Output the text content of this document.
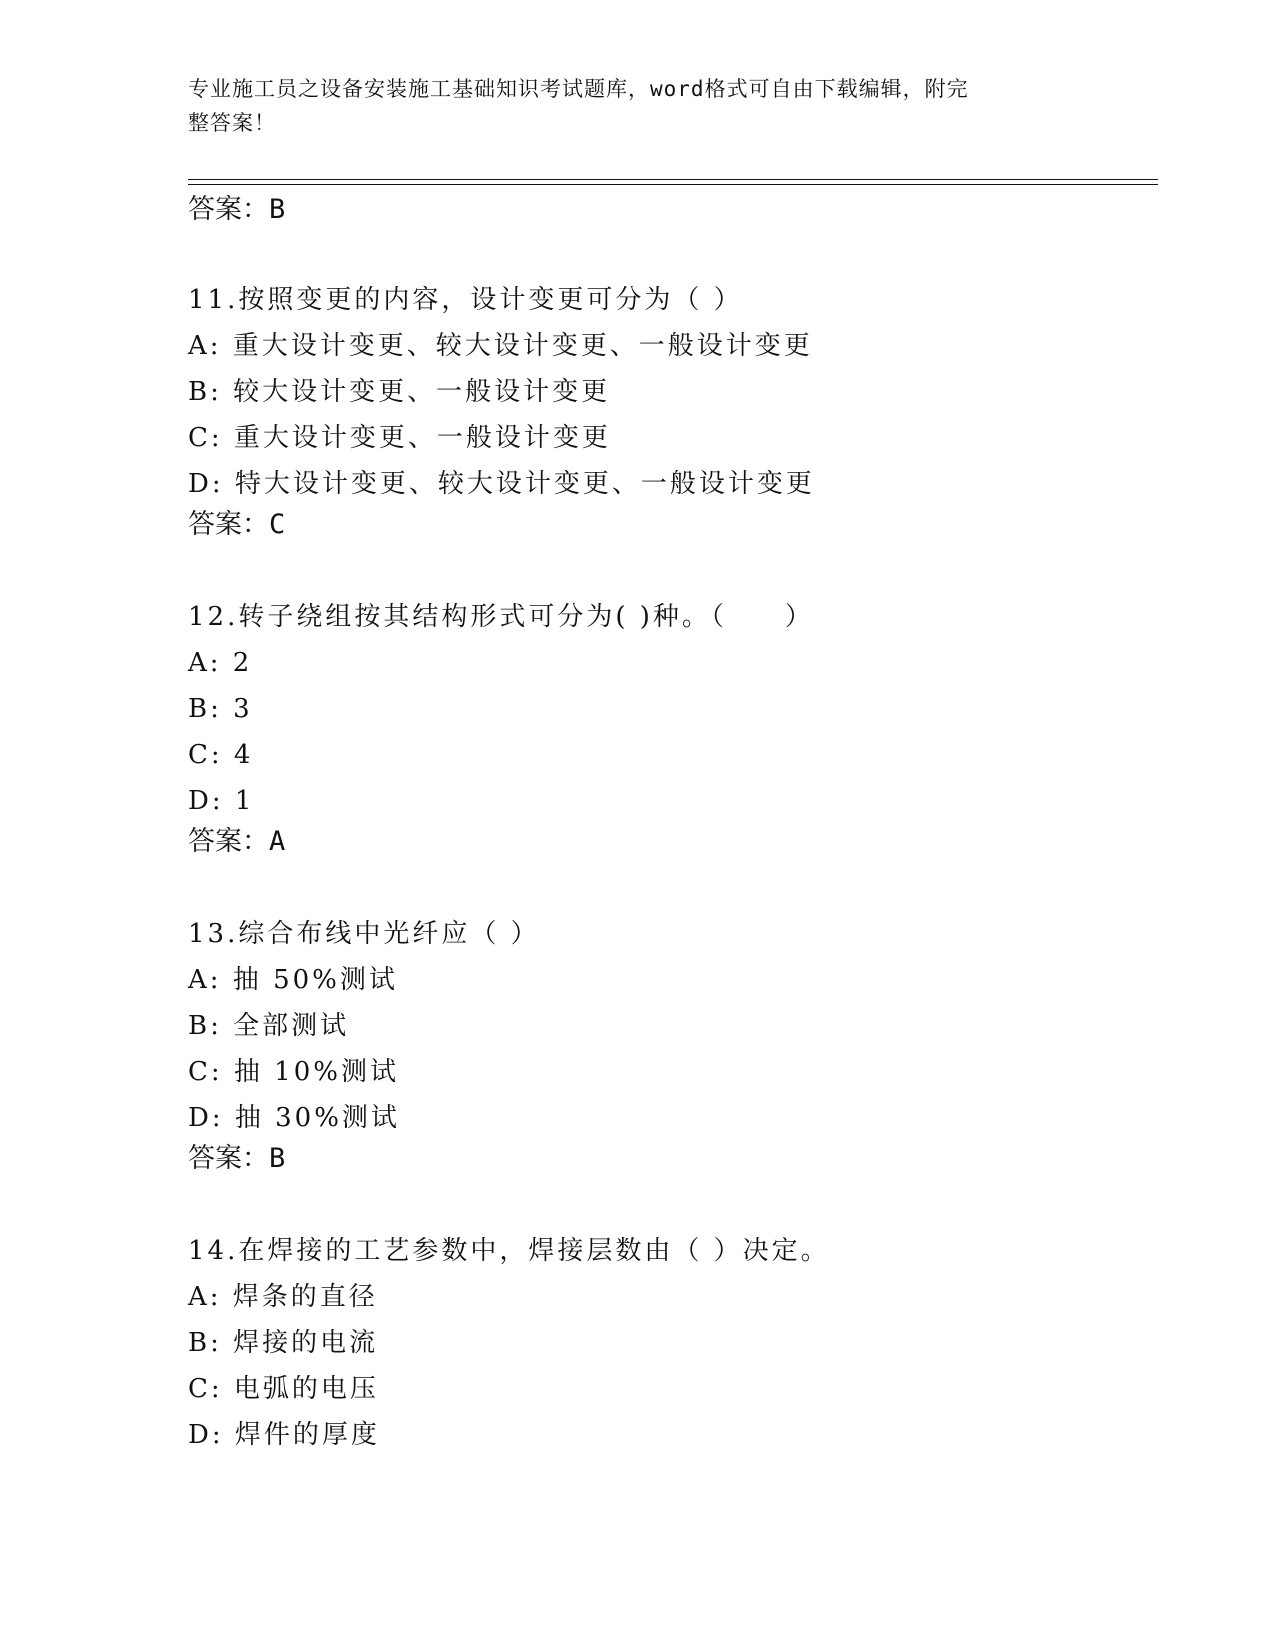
专业施工员之设备安装施工基础知识考试题库，word格式可自由下载编辑，附完
整答案！
答案：B
11.按照变更的内容，设计变更可分为（ ）
A: 重大设计变更、较大设计变更、一般设计变更
B: 较大设计变更、一般设计变更
C: 重大设计变更、一般设计变更
D: 特大设计变更、较大设计变更、一般设计变更
答案：C
12.转子绕组按其结构形式可分为( )种。（　　）
A: 2
B: 3
C: 4
D: 1
答案：A
13.综合布线中光纤应（ ）
A: 抽 50%测试
B: 全部测试
C: 抽 10%测试
D: 抽 30%测试
答案：B
14.在焊接的工艺参数中，焊接层数由（ ）决定。
A: 焊条的直径
B: 焊接的电流
C: 电弧的电压
D: 焊件的厚度
